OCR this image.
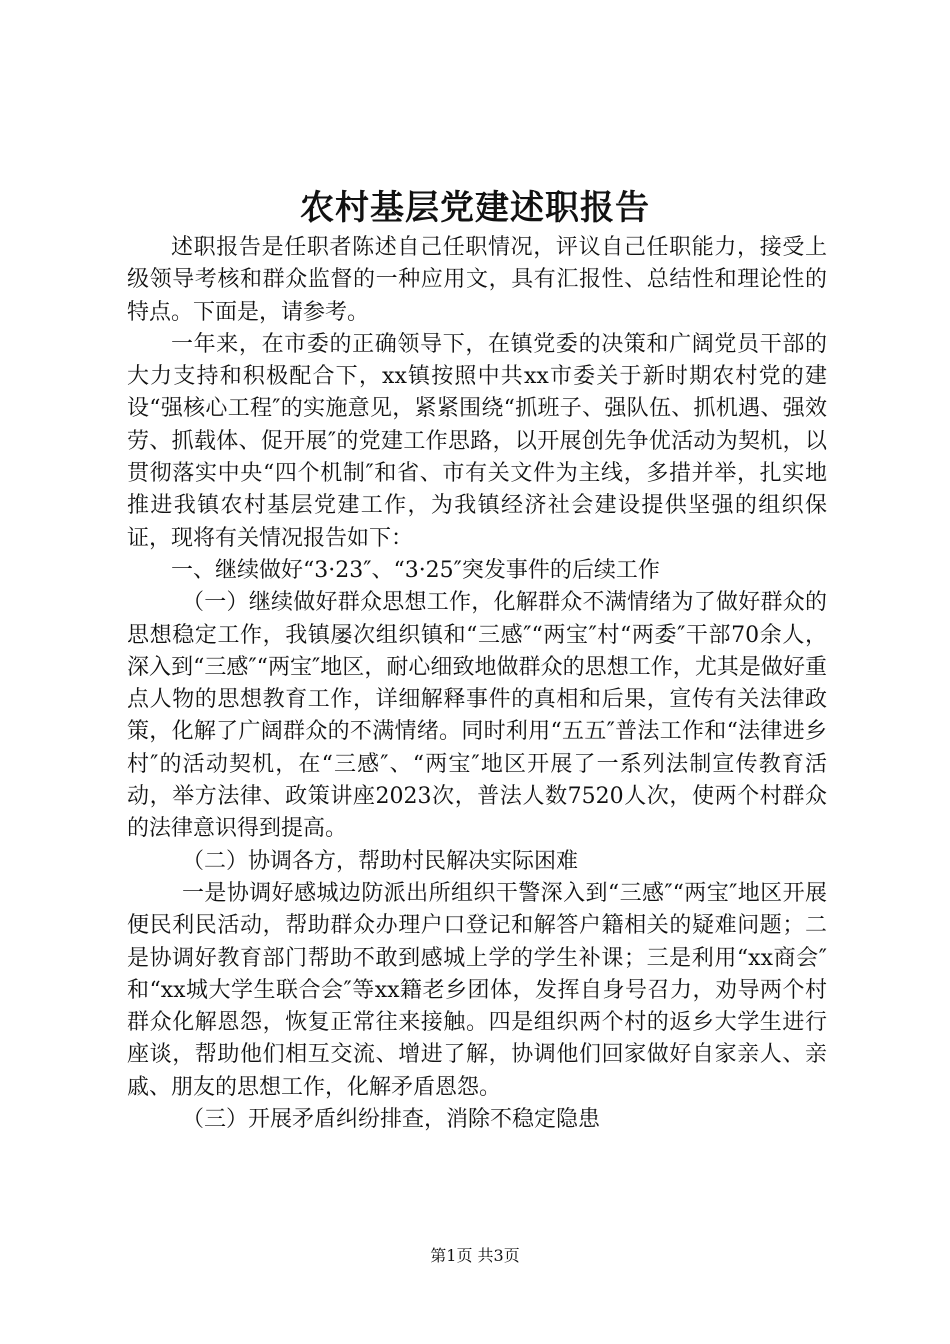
农村基层党建述职报告

述职报告是任职者陈述自己任职情况，评议自己任职能力，接受上级领导考核和群众监督的一种应用文，具有汇报性、总结性和理论性的特点。下面是，请参考。

一年来，在市委的正确领导下，在镇党委的决策和广阔党员干部的大力支持和积极配合下，xx镇按照中共xx市委关于新时期农村党的建设“强核心工程″的实施意见，紧紧围绕“抓班子、强队伍、抓机遇、强效劳、抓载体、促开展″的党建工作思路，以开展创先争优活动为契机，以贯彻落实中央“四个机制″和省、市有关文件为主线，多措并举，扎实地推进我镇农村基层党建工作，为我镇经济社会建设提供坚强的组织保证，现将有关情况报告如下：

一、继续做好“3·23″、“3·25″突发事件的后续工作

（一）继续做好群众思想工作，化解群众不满情绪为了做好群众的思想稳定工作，我镇屡次组织镇和“三感″“两宝″村“两委″干部70余人，深入到“三感″“两宝″地区，耐心细致地做群众的思想工作，尤其是做好重点人物的思想教育工作，详细解释事件的真相和后果，宣传有关法律政策，化解了广阔群众的不满情绪。同时利用“五五″普法工作和“法律进乡村″的活动契机，在“三感″、“两宝″地区开展了一系列法制宣传教育活动，举方法律、政策讲座2023次，普法人数7520人次，使两个村群众的法律意识得到提高。

（二）协调各方，帮助村民解决实际困难

一是协调好感城边防派出所组织干警深入到“三感″“两宝″地区开展便民利民活动，帮助群众办理户口登记和解答户籍相关的疑难问题；二是协调好教育部门帮助不敢到感城上学的学生补课；三是利用“xx商会″和“xx城大学生联合会″等xx籍老乡团体，发挥自身号召力，劝导两个村群众化解恩怨，恢复正常往来接触。四是组织两个村的返乡大学生进行座谈，帮助他们相互交流、增进了解，协调他们回家做好自家亲人、亲戚、朋友的思想工作，化解矛盾恩怨。

（三）开展矛盾纠纷排查，消除不稳定隐患

第1页 共3页
